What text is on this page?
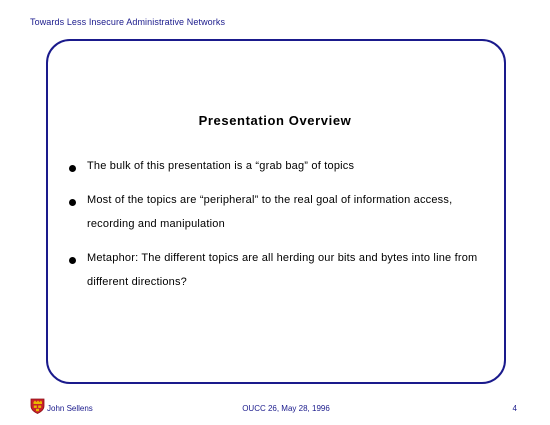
Towards Less Insecure Administrative Networks
Presentation Overview
The bulk of this presentation is a “grab bag” of topics
Most of the topics are “peripheral” to the real goal of information access, recording and manipulation
Metaphor: The different topics are all herding our bits and bytes into line from different directions?
John Sellens	OUCC 26, May 28, 1996	4
